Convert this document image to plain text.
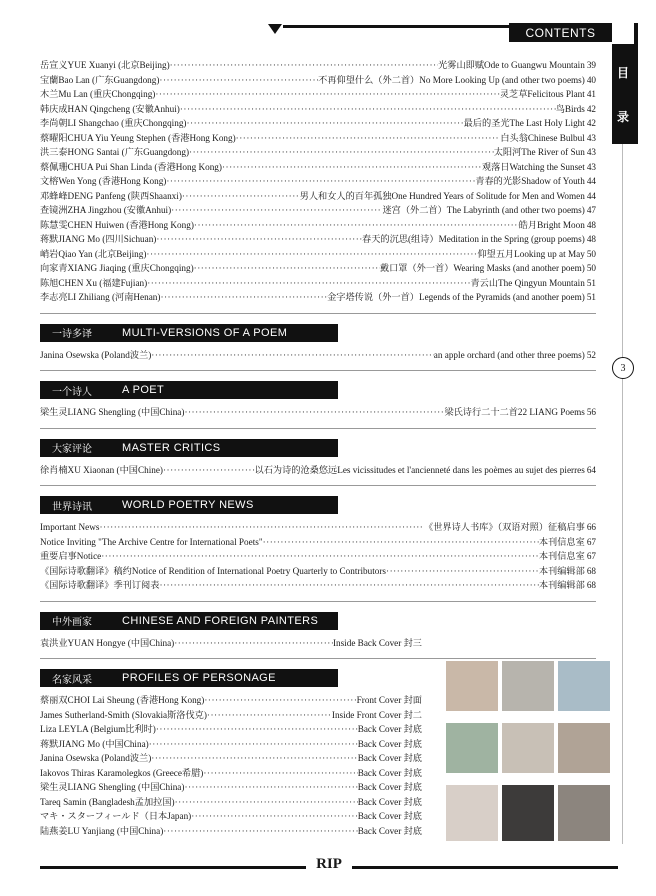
CONTENTS
目
录
3
岳宣义YUE Xuanyi (北京Beijing) ·····	光雾山即赋Ode to Guangwu Mountain 39
宝蘭Bao Lan (广东Guangdong) ·····	不再仰望什么（外二首）No More Looking Up (and other two poems) 40
木兰Mu Lan (重庆Chongqing) ·····	灵芝草Felicitous Plant 41
韩庆成HAN Qingcheng (安徽Anhui) ·····	鸟Birds 42
李尚朝LI Shangchao (重庆Chongqing) ·····	最后的圣光The Last Holy Light 42
蔡曜阳CHUA Yiu Yeung Stephen (香港Hong Kong) ·····	白头翁Chinese Bulbul 43
洪三泰HONG Santai (广东Guangdong) ·····	太阳河The River of Sun 43
蔡佩珊CHUA Pui Shan Linda (香港Hong Kong) ·····	观落日Watching the Sunset 43
文榕Wen Yong (香港Hong Kong) ·····	青春的光影Shadow of Youth 44
邓蜂峰DENG Panfeng (陕西Shaanxi) ·····	男人和女人的百年孤独One Hundred Years of Solitude for Men and Women 44
查镜洲ZHA Jingzhou (安徽Anhui) ·····	迷宫（外二首）The Labyrinth (and other two poems) 47
陈慧雯CHEN Huiwen (香港Hong Kong) ·····	皓月Bright Moon 48
蒋默JIANG Mo (四川Sichuan) ·····	春天的沉思(组诗）Meditation in the Spring (group poems) 48
峭岩Qiao Yan (北京Beijing) ·····	仰望五月Looking up at May 50
向家青XIANG Jiaqing (重庆Chongqing) ·····	戴口罩（外一首）Wearing Masks (and another poem) 50
陈旭CHEN Xu (福建Fujian) ·····	青云山The Qingyun Mountain 51
李志亮LI Zhiliang (河南Henan) ·····	金字塔传说（外一首）Legends of the Pyramids (and another poem) 51
一诗多译	MULTI-VERSIONS OF A POEM
Janina Osewska (Poland波兰) ·····	an apple orchard (and other three poems) 52
一个诗人	A POET
梁生灵LIANG Shengling (中国China) ·····	梁氏诗行二十二首22 LIANG Poems 56
大家评论	MASTER CRITICS
徐肖楠XU Xiaonan (中国Chine) ·····	以石为诗的沧桑悠远Les vicissitudes et l'ancienneté dans les poèmes au sujet des pierres 64
世界诗讯	WORLD POETRY NEWS
Important News ·····	《世界诗人书库》（双语对照）征稿启事 66
Notice Inviting "The Archive Centre for International Poets" ·····	本刊信息室 67
重要启事Notice ·····	本刊信息室 67
《国际诗歌翻译》稿约Notice of Rendition of International Poetry Quarterly to Contributors ·····	本刊编辑部 68
《国际诗歌翻译》季刊订阅表 ·····	本刊编辑部 68
中外画家	CHINESE AND FOREIGN PAINTERS
袁洪业YUAN Hongye (中国China) ·····	Inside Back Cover 封三
名家风采	PROFILES OF PERSONAGE
蔡丽双CHOI Lai Sheung (香港Hong Kong) ·····	Front Cover 封面
James Sutherland-Smith (Slovakia斯洛伐克) ·····	Inside Front Cover 封二
Liza LEYLA (Belgium比利时) ·····	Back Cover 封底
蒋默JIANG Mo (中国China) ·····	Back Cover 封底
Janina Osewska (Poland波兰) ·····	Back Cover 封底
Iakovos Thiras Karamolegkos (Greece希腊) ·····	Back Cover 封底
梁生灵LIANG Shengling (中国China) ·····	Back Cover 封底
Tareq Samin (Bangladesh孟加拉国) ·····	Back Cover 封底
マキ・スターフィールド（日本Japan) ·····	Back Cover 封底
陆燕姜LU Yanjiang (中国China) ·····	Back Cover 封底
RIP
